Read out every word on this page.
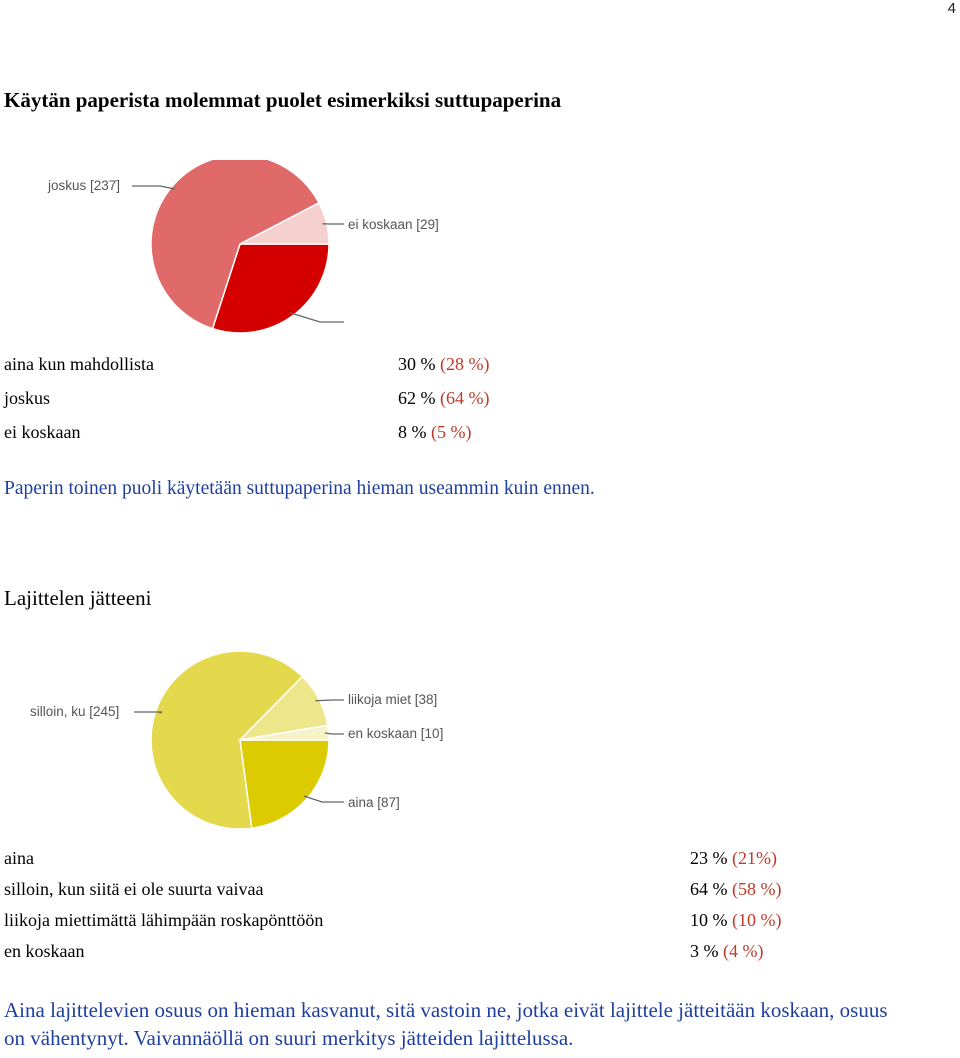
4
Käytän paperista molemmat puolet esimerkiksi suttupaperina
joskus [237]
ei koskaan [29]
aina kun mahdollista	30 % (28 %)
joskus	62 % (64 %)
ei koskaan	8 % (5 %)
Paperin toinen puoli käytetään suttupaperina hieman useammin kuin ennen.
Lajittelen jätteeni
aina [87]
silloin, ku [245]
liikoja miet [38]
en koskaan [10]
aina	23 % (21%)
silloin, kun siitä ei ole suurta vaivaa	64 % (58 %)
liikoja miettimättä lähimpään roskapönttöön	10 % (10 %)
en koskaan	3 % (4 %)
Aina lajittelevien osuus on hieman kasvanut, sitä vastoin ne, jotka eivät lajittele jätteitään koskaan, osuus on vähentynyt. Vaivannäöllä on suuri merkitys jätteiden lajittelussa.
